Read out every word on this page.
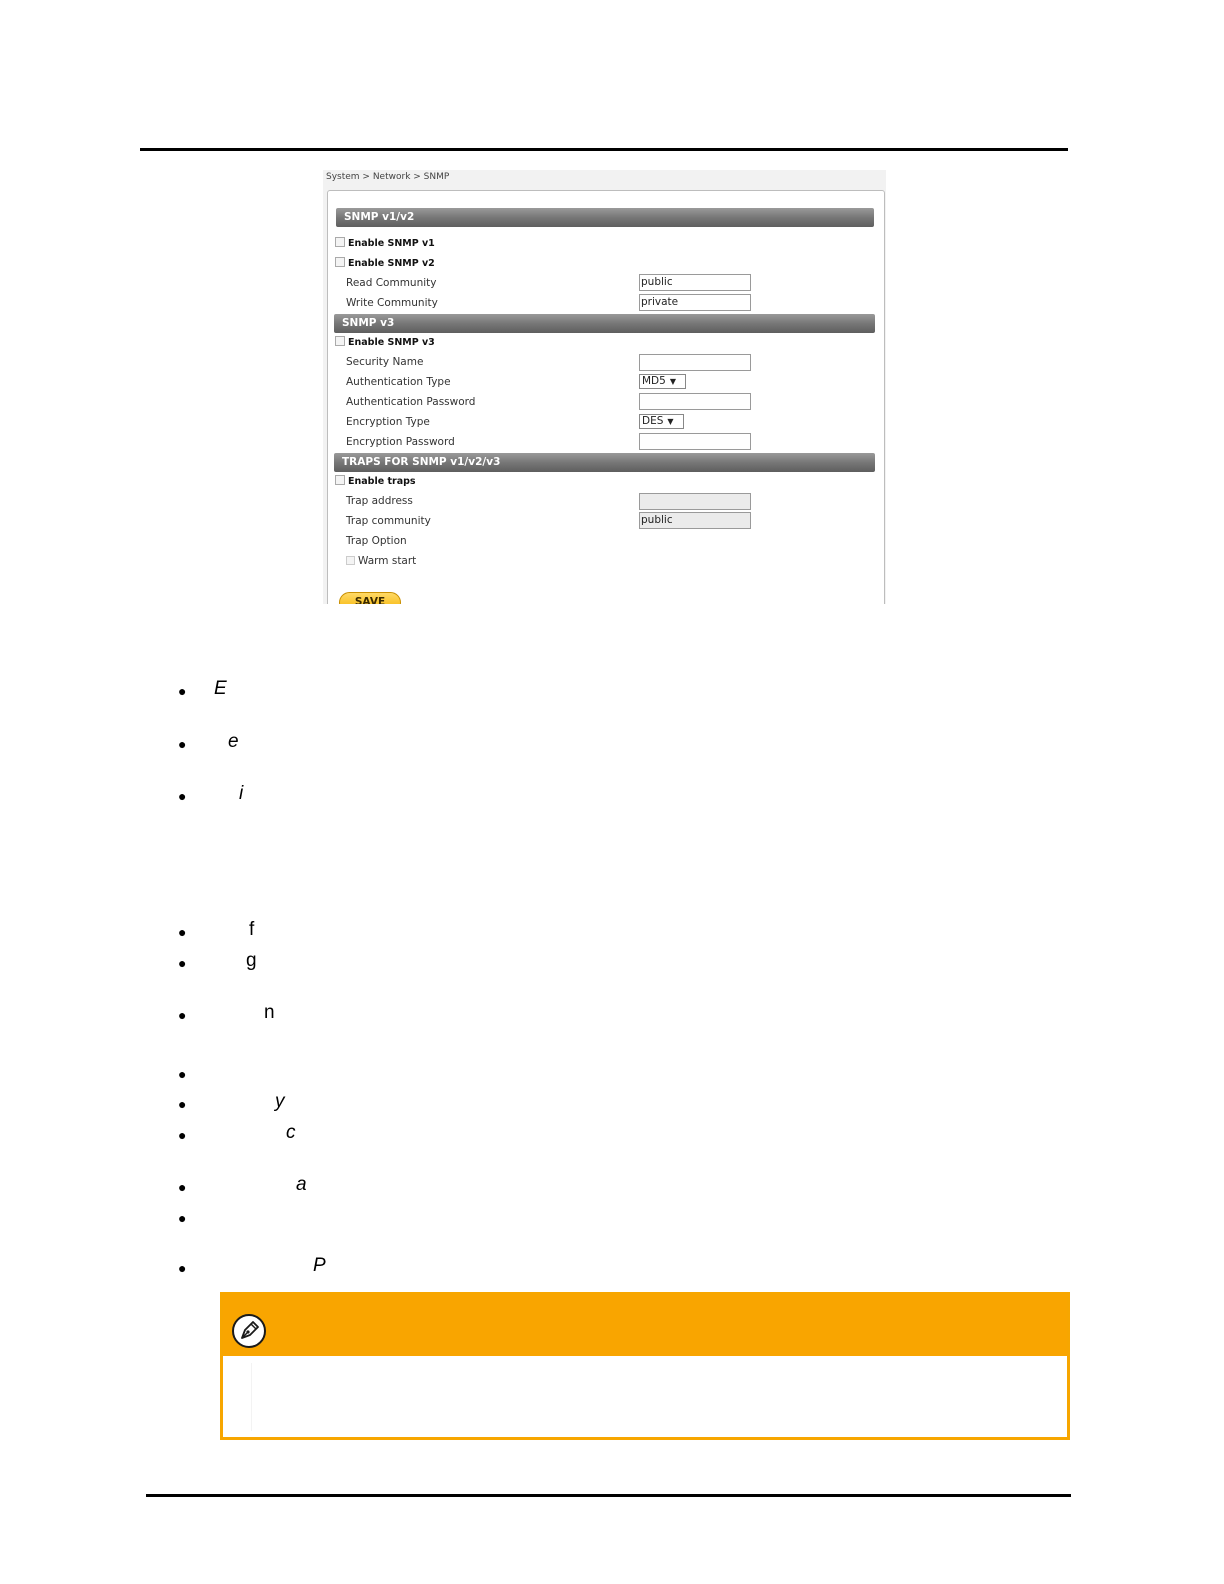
System > Network > SNMP
SNMP v1/v2
Enable SNMP v1
Enable SNMP v2
Read Community	public
Write Community	private
SNMP v3
Enable SNMP v3
Security Name
Authentication Type	MD5 ▼
Authentication Password
Encryption Type	DES ▼
Encryption Password
TRAPS FOR SNMP v1/v2/v3
Enable traps
Trap address
Trap community	public
Trap Option
Warm start
SAVE
● E
● e
●	i
●	f
●	g
●	n
●
●	y
●	c
●	a
●
●	P
